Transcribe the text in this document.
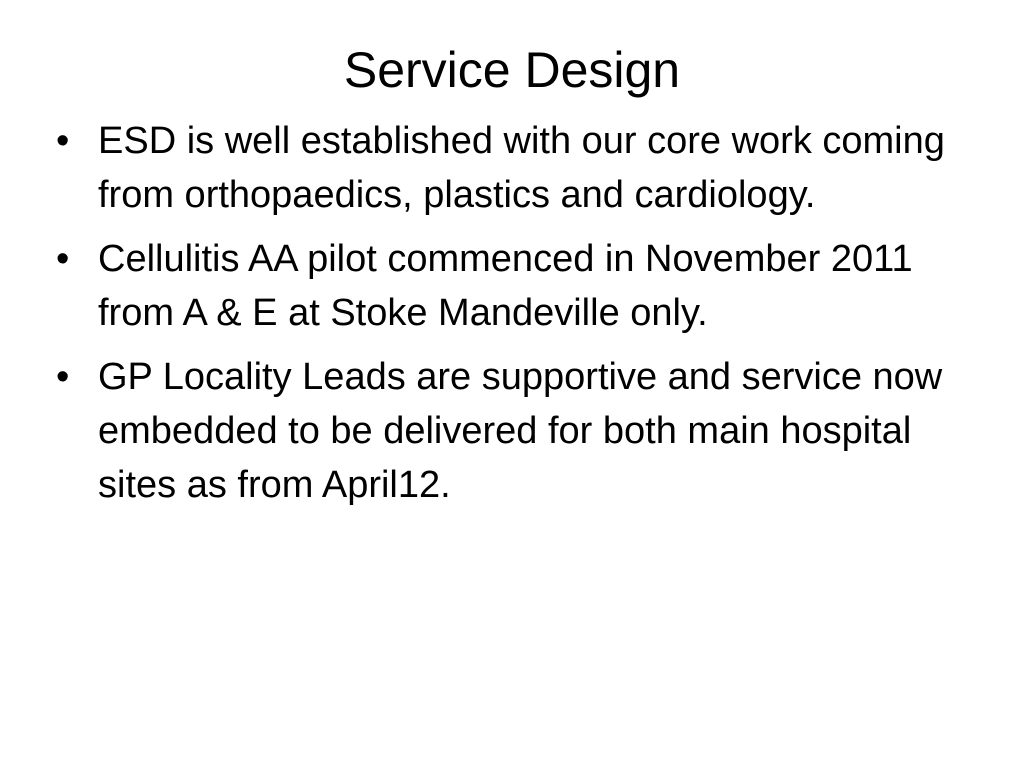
Service Design
• ESD is well established with our core work coming from orthopaedics, plastics and cardiology.
• Cellulitis AA pilot commenced in November 2011 from A & E at Stoke Mandeville only.
• GP Locality Leads are supportive and service now embedded to be delivered for both main hospital sites as from April12.
